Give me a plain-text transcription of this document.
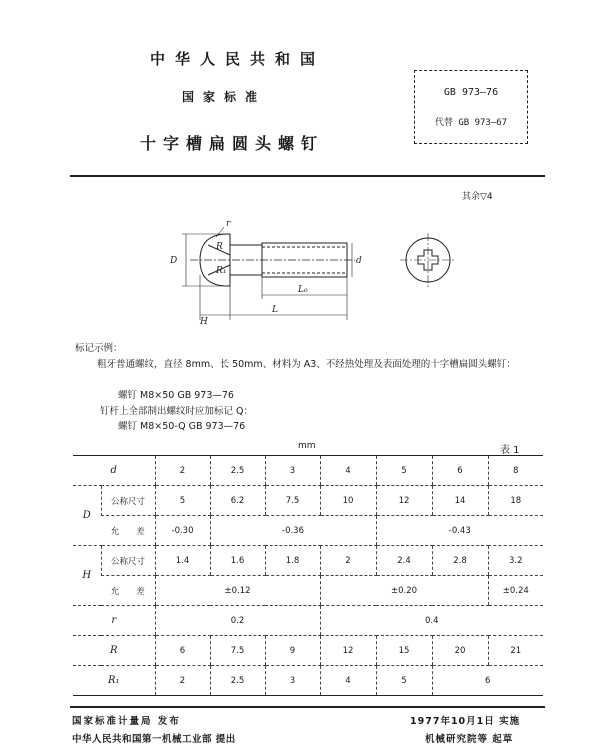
中华人民共和国
国家标准
十字槽扁圆头螺钉
GB 973—76
代替 GB 973—67
其余▽4
r
R
R₁
D	d
L₀
L
H
标记示例：
粗牙普通螺纹，直径 8mm、长 50mm、材料为 A3、不经热处理及表面处理的十字槽扁圆头螺钉：
螺钉 M8×50 GB 973—76
钉杆上全部制出螺纹时应加标记 Q：
螺钉 M8×50-Q GB 973—76
mm	表 1
d		2	2.5	3	4	5	6	8
D	公称尺寸	5	6.2	7.5	10	12	14	18
	允　　差	-0.30	-0.36			-0.43		
H	公称尺寸	1.4	1.6	1.8	2	2.4	2.8	3.2
	允　　差	±0.12			±0.20			±0.24
r		0.2			0.4			
R		6	7.5	9	12	15	20	21
R₁		2	2.5	3	4	5	6	
国家标准计量局 发布	1977年10月1日 实施
中华人民共和国第一机械工业部 提出	机械研究院等 起草
